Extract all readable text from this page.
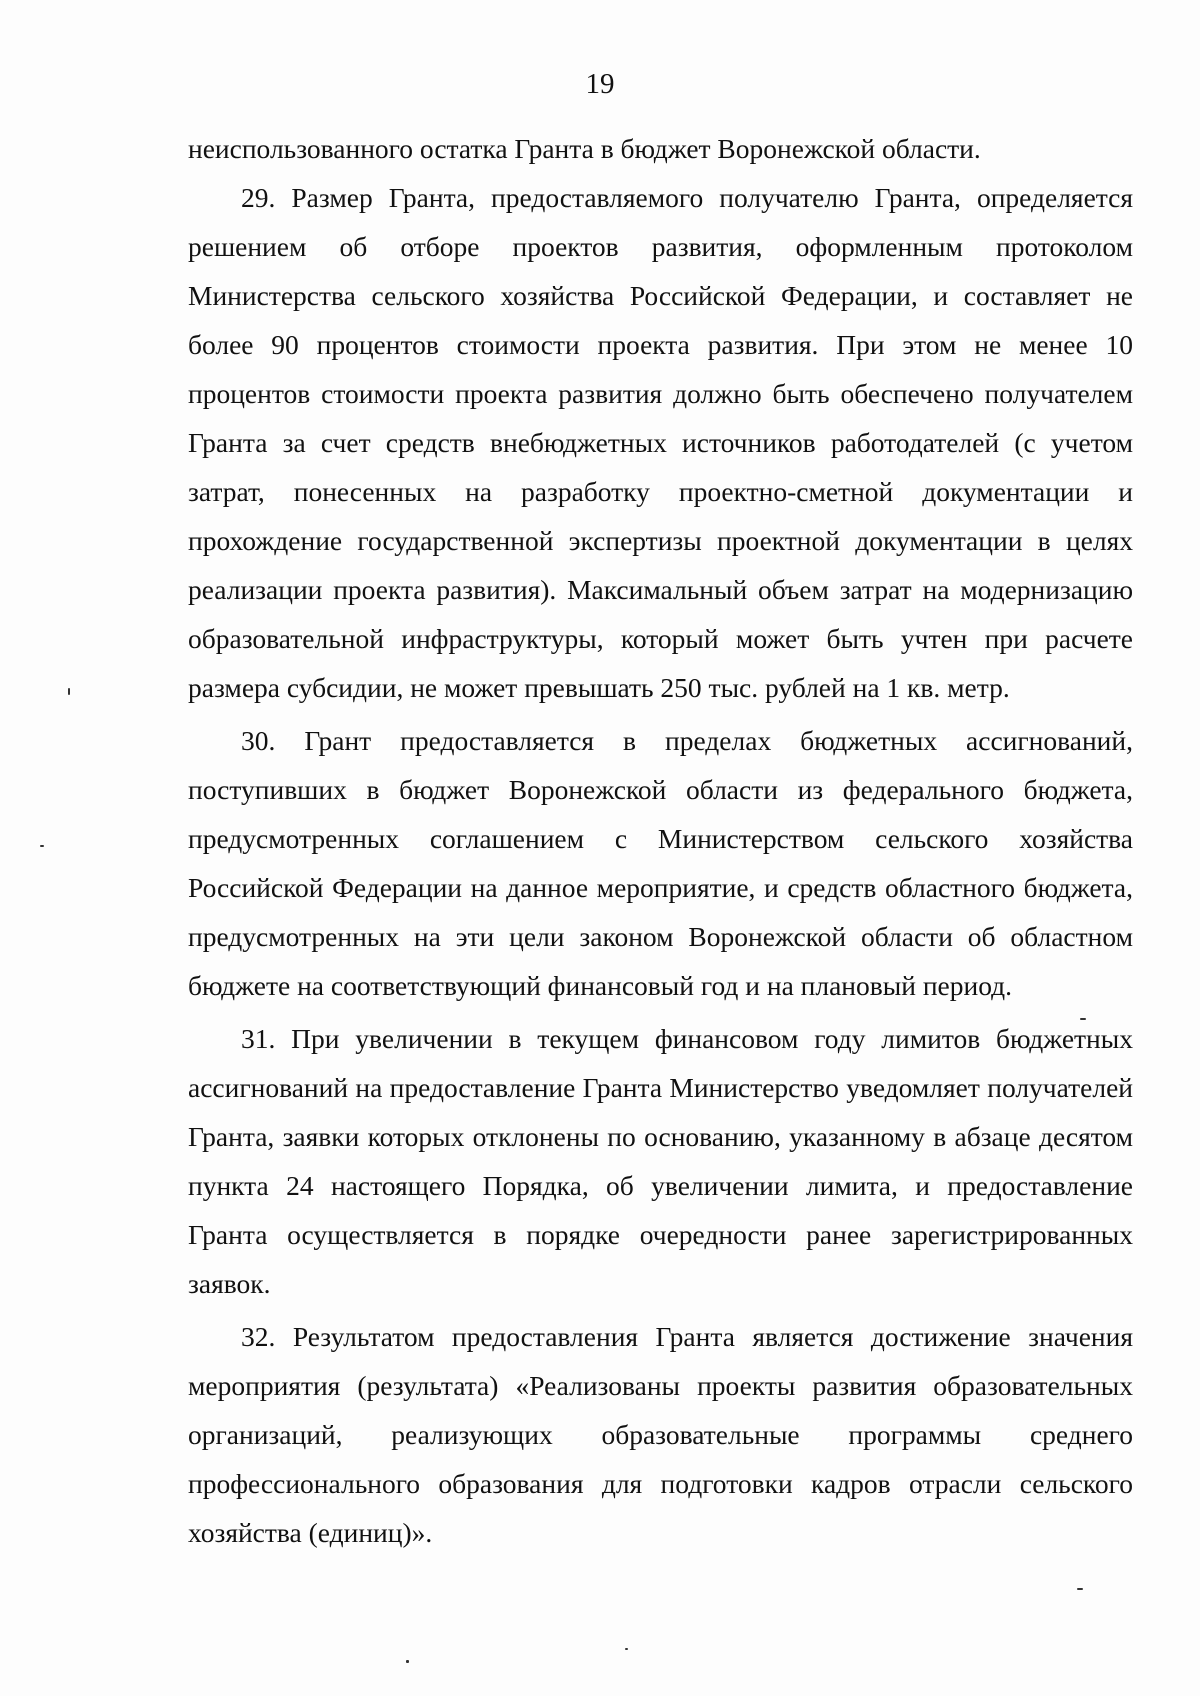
19

неиспользованного остатка Гранта в бюджет Воронежской области.

29. Размер Гранта, предоставляемого получателю Гранта, определяется решением об отборе проектов развития, оформленным протоколом Министерства сельского хозяйства Российской Федерации, и составляет не более 90 процентов стоимости проекта развития. При этом не менее 10 процентов стоимости проекта развития должно быть обеспечено получателем Гранта за счет средств внебюджетных источников работодателей (с учетом затрат, понесенных на разработку проектно-сметной документации и прохождение государственной экспертизы проектной документации в целях реализации проекта развития). Максимальный объем затрат на модернизацию образовательной инфраструктуры, который может быть учтен при расчете размера субсидии, не может превышать 250 тыс. рублей на 1 кв. метр.

30. Грант предоставляется в пределах бюджетных ассигнований, поступивших в бюджет Воронежской области из федерального бюджета, предусмотренных соглашением с Министерством сельского хозяйства Российской Федерации на данное мероприятие, и средств областного бюджета, предусмотренных на эти цели законом Воронежской области об областном бюджете на соответствующий финансовый год и на плановый период.

31. При увеличении в текущем финансовом году лимитов бюджетных ассигнований на предоставление Гранта Министерство уведомляет получателей Гранта, заявки которых отклонены по основанию, указанному в абзаце десятом пункта 24 настоящего Порядка, об увеличении лимита, и предоставление Гранта осуществляется в порядке очередности ранее зарегистрированных заявок.

32. Результатом предоставления Гранта является достижение значения мероприятия (результата) «Реализованы проекты развития образовательных организаций, реализующих образовательные программы среднего профессионального образования для подготовки кадров отрасли сельского хозяйства (единиц)».
